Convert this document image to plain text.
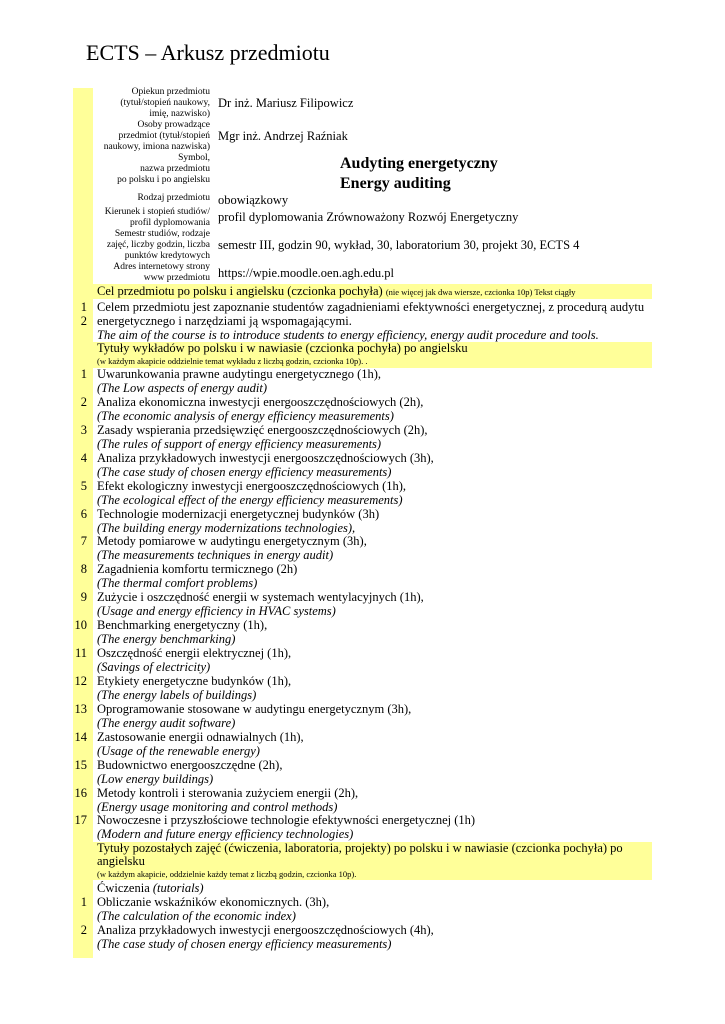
ECTS – Arkusz przedmiotu
Opiekun przedmiotu
(tytuł/stopień naukowy,
imię, nazwisko)
Osoby prowadzące
przedmiot (tytuł/stopień
naukowy, imiona nazwiska)
Symbol,
nazwa przedmiotu
po polsku i po angielsku
Rodzaj przedmiotu
Kierunek i stopień studiów/
profil dyplomowania
Semestr studiów, rodzaje
zajęć, liczby godzin, liczba
punktów kredytowych
Adres internetowy strony
www przedmiotu
Dr inż. Mariusz Filipowicz
Mgr inż. Andrzej Raźniak
Audyting energetyczny
Energy auditing
obowiązkowy
profil dyplomowania Zrównoważony Rozwój Energetyczny
semestr III, godzin 90, wykład, 30, laboratorium 30, projekt 30, ECTS 4
https://wpie.moodle.oen.agh.edu.pl
Cel przedmiotu po polsku i angielsku (czcionka pochyła) (nie więcej jak dwa wiersze, czcionka 10p) Tekst ciągły
1
2
Celem przedmiotu jest zapoznanie studentów zagadnieniami efektywności energetycznej, z procedurą audytu
energetycznego i narzędziami ją wspomagającymi.
The aim of the course is to introduce students to energy efficiency, energy audit procedure and tools.
Tytuły wykładów po polsku i w nawiasie (czcionka pochyła) po angielsku
(w każdym akapicie oddzielnie temat wykładu z liczbą godzin, czcionka 10p). .
1 Uwarunkowania prawne audytingu energetycznego (1h),
(The Low aspects of energy audit)
2 Analiza ekonomiczna inwestycji energooszczędnościowych (2h),
(The economic analysis of energy efficiency measurements)
3 Zasady wspierania przedsięwzięć energooszczędnościowych (2h),
(The rules of support of energy efficiency measurements)
4 Analiza przykładowych inwestycji energooszczędnościowych (3h),
(The case study of chosen energy efficiency measurements)
5 Efekt ekologiczny inwestycji energooszczędnościowych (1h),
(The ecological effect of the energy efficiency measurements)
6 Technologie modernizacji energetycznej budynków (3h)
(The building energy modernizations technologies),
7 Metody pomiarowe w audytingu energetycznym (3h),
(The measurements techniques in energy audit)
8 Zagadnienia komfortu termicznego (2h)
(The thermal comfort problems)
9 Zużycie i oszczędność energii w systemach wentylacyjnych (1h),
(Usage and energy efficiency in HVAC systems)
10 Benchmarking energetyczny (1h),
(The energy benchmarking)
11 Oszczędność energii elektrycznej (1h),
(Savings of electricity)
12 Etykiety energetyczne budynków (1h),
(The energy labels of buildings)
13 Oprogramowanie stosowane w audytingu energetycznym (3h),
(The energy audit software)
14 Zastosowanie energii odnawialnych (1h),
(Usage of the renewable energy)
15 Budownictwo energooszczędne (2h),
(Low energy buildings)
16 Metody kontroli i sterowania zużyciem energii (2h),
(Energy usage monitoring and control methods)
17 Nowoczesne i przyszłościowe technologie efektywności energetycznej (1h)
(Modern and future energy efficiency technologies)
Tytuły pozostałych zajęć (ćwiczenia, laboratoria, projekty) po polsku i w nawiasie (czcionka pochyła) po
angielsku
(w każdym akapicie, oddzielnie każdy temat z liczbą godzin, czcionka 10p).
Ćwiczenia (tutorials)
1 Obliczanie wskaźników ekonomicznych. (3h),
(The calculation of the economic index)
2 Analiza przykładowych inwestycji energooszczędnościowych (4h),
(The case study of chosen energy efficiency measurements)
